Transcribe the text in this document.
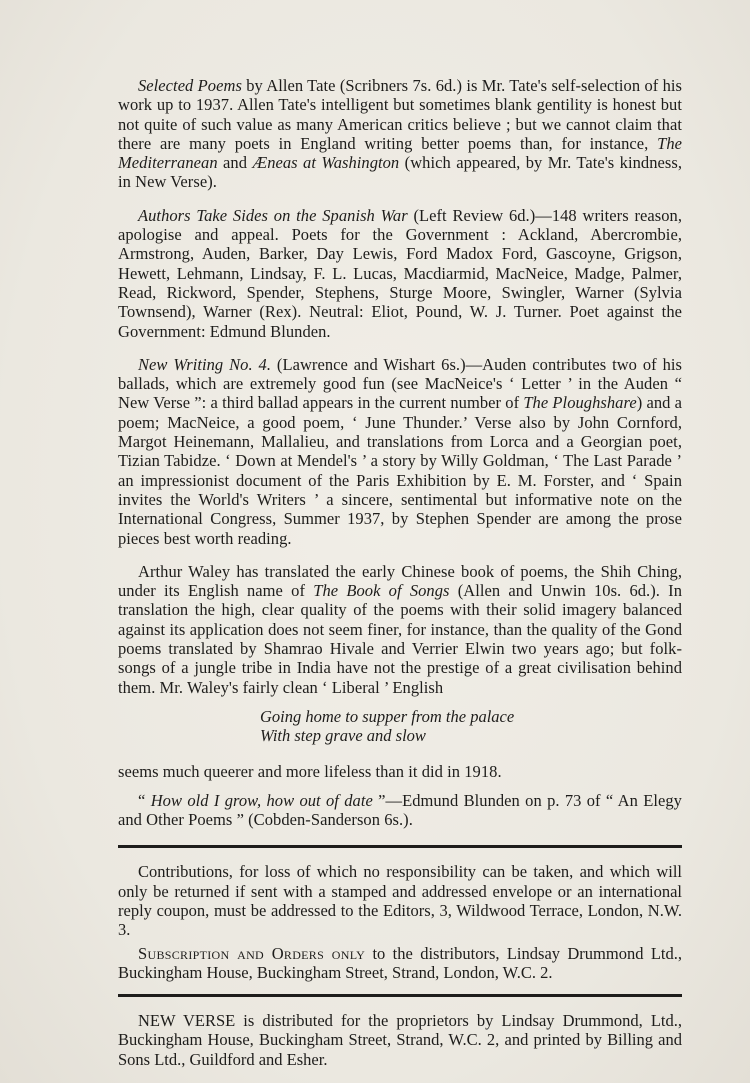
Selected Poems by Allen Tate (Scribners 7s. 6d.) is Mr. Tate's self-selection of his work up to 1937. Allen Tate's intelligent but sometimes blank gentility is honest but not quite of such value as many American critics believe ; but we cannot claim that there are many poets in England writing better poems than, for instance, The Mediterranean and Æneas at Washington (which appeared, by Mr. Tate's kindness, in New Verse).

Authors Take Sides on the Spanish War (Left Review 6d.)—148 writers reason, apologise and appeal. Poets for the Government : Ackland, Abercrombie, Armstrong, Auden, Barker, Day Lewis, Ford Madox Ford, Gascoyne, Grigson, Hewett, Lehmann, Lindsay, F. L. Lucas, Macdiarmid, MacNeice, Madge, Palmer, Read, Rickword, Spender, Stephens, Sturge Moore, Swingler, Warner (Sylvia Townsend), Warner (Rex). Neutral: Eliot, Pound, W. J. Turner. Poet against the Government: Edmund Blunden.

New Writing No. 4. (Lawrence and Wishart 6s.)—Auden contributes two of his ballads, which are extremely good fun (see MacNeice's ‘ Letter ’ in the Auden “ New Verse ”: a third ballad appears in the current number of The Ploughshare) and a poem; MacNeice, a good poem, ‘ June Thunder.’ Verse also by John Cornford, Margot Heinemann, Mallalieu, and translations from Lorca and a Georgian poet, Tizian Tabidze. ‘ Down at Mendel's ’ a story by Willy Goldman, ‘ The Last Parade ’ an impressionist document of the Paris Exhibition by E. M. Forster, and ‘ Spain invites the World's Writers ’ a sincere, sentimental but informative note on the International Congress, Summer 1937, by Stephen Spender are among the prose pieces best worth reading.

Arthur Waley has translated the early Chinese book of poems, the Shih Ching, under its English name of The Book of Songs (Allen and Unwin 10s. 6d.). In translation the high, clear quality of the poems with their solid imagery balanced against its application does not seem finer, for instance, than the quality of the Gond poems translated by Shamrao Hivale and Verrier Elwin two years ago; but folk-songs of a jungle tribe in India have not the prestige of a great civilisation behind them. Mr. Waley's fairly clean ‘ Liberal ’ English

Going home to supper from the palace
With step grave and slow

seems much queerer and more lifeless than it did in 1918.

“ How old I grow, how out of date ”—Edmund Blunden on p. 73 of “ An Elegy and Other Poems ” (Cobden-Sanderson 6s.).

Contributions, for loss of which no responsibility can be taken, and which will only be returned if sent with a stamped and addressed envelope or an international reply coupon, must be addressed to the Editors, 3, Wildwood Terrace, London, N.W. 3.

Subscription and Orders only to the distributors, Lindsay Drummond Ltd., Buckingham House, Buckingham Street, Strand, London, W.C. 2.

NEW VERSE is distributed for the proprietors by Lindsay Drummond, Ltd., Buckingham House, Buckingham Street, Strand, W.C. 2, and printed by Billing and Sons Ltd., Guildford and Esher.
